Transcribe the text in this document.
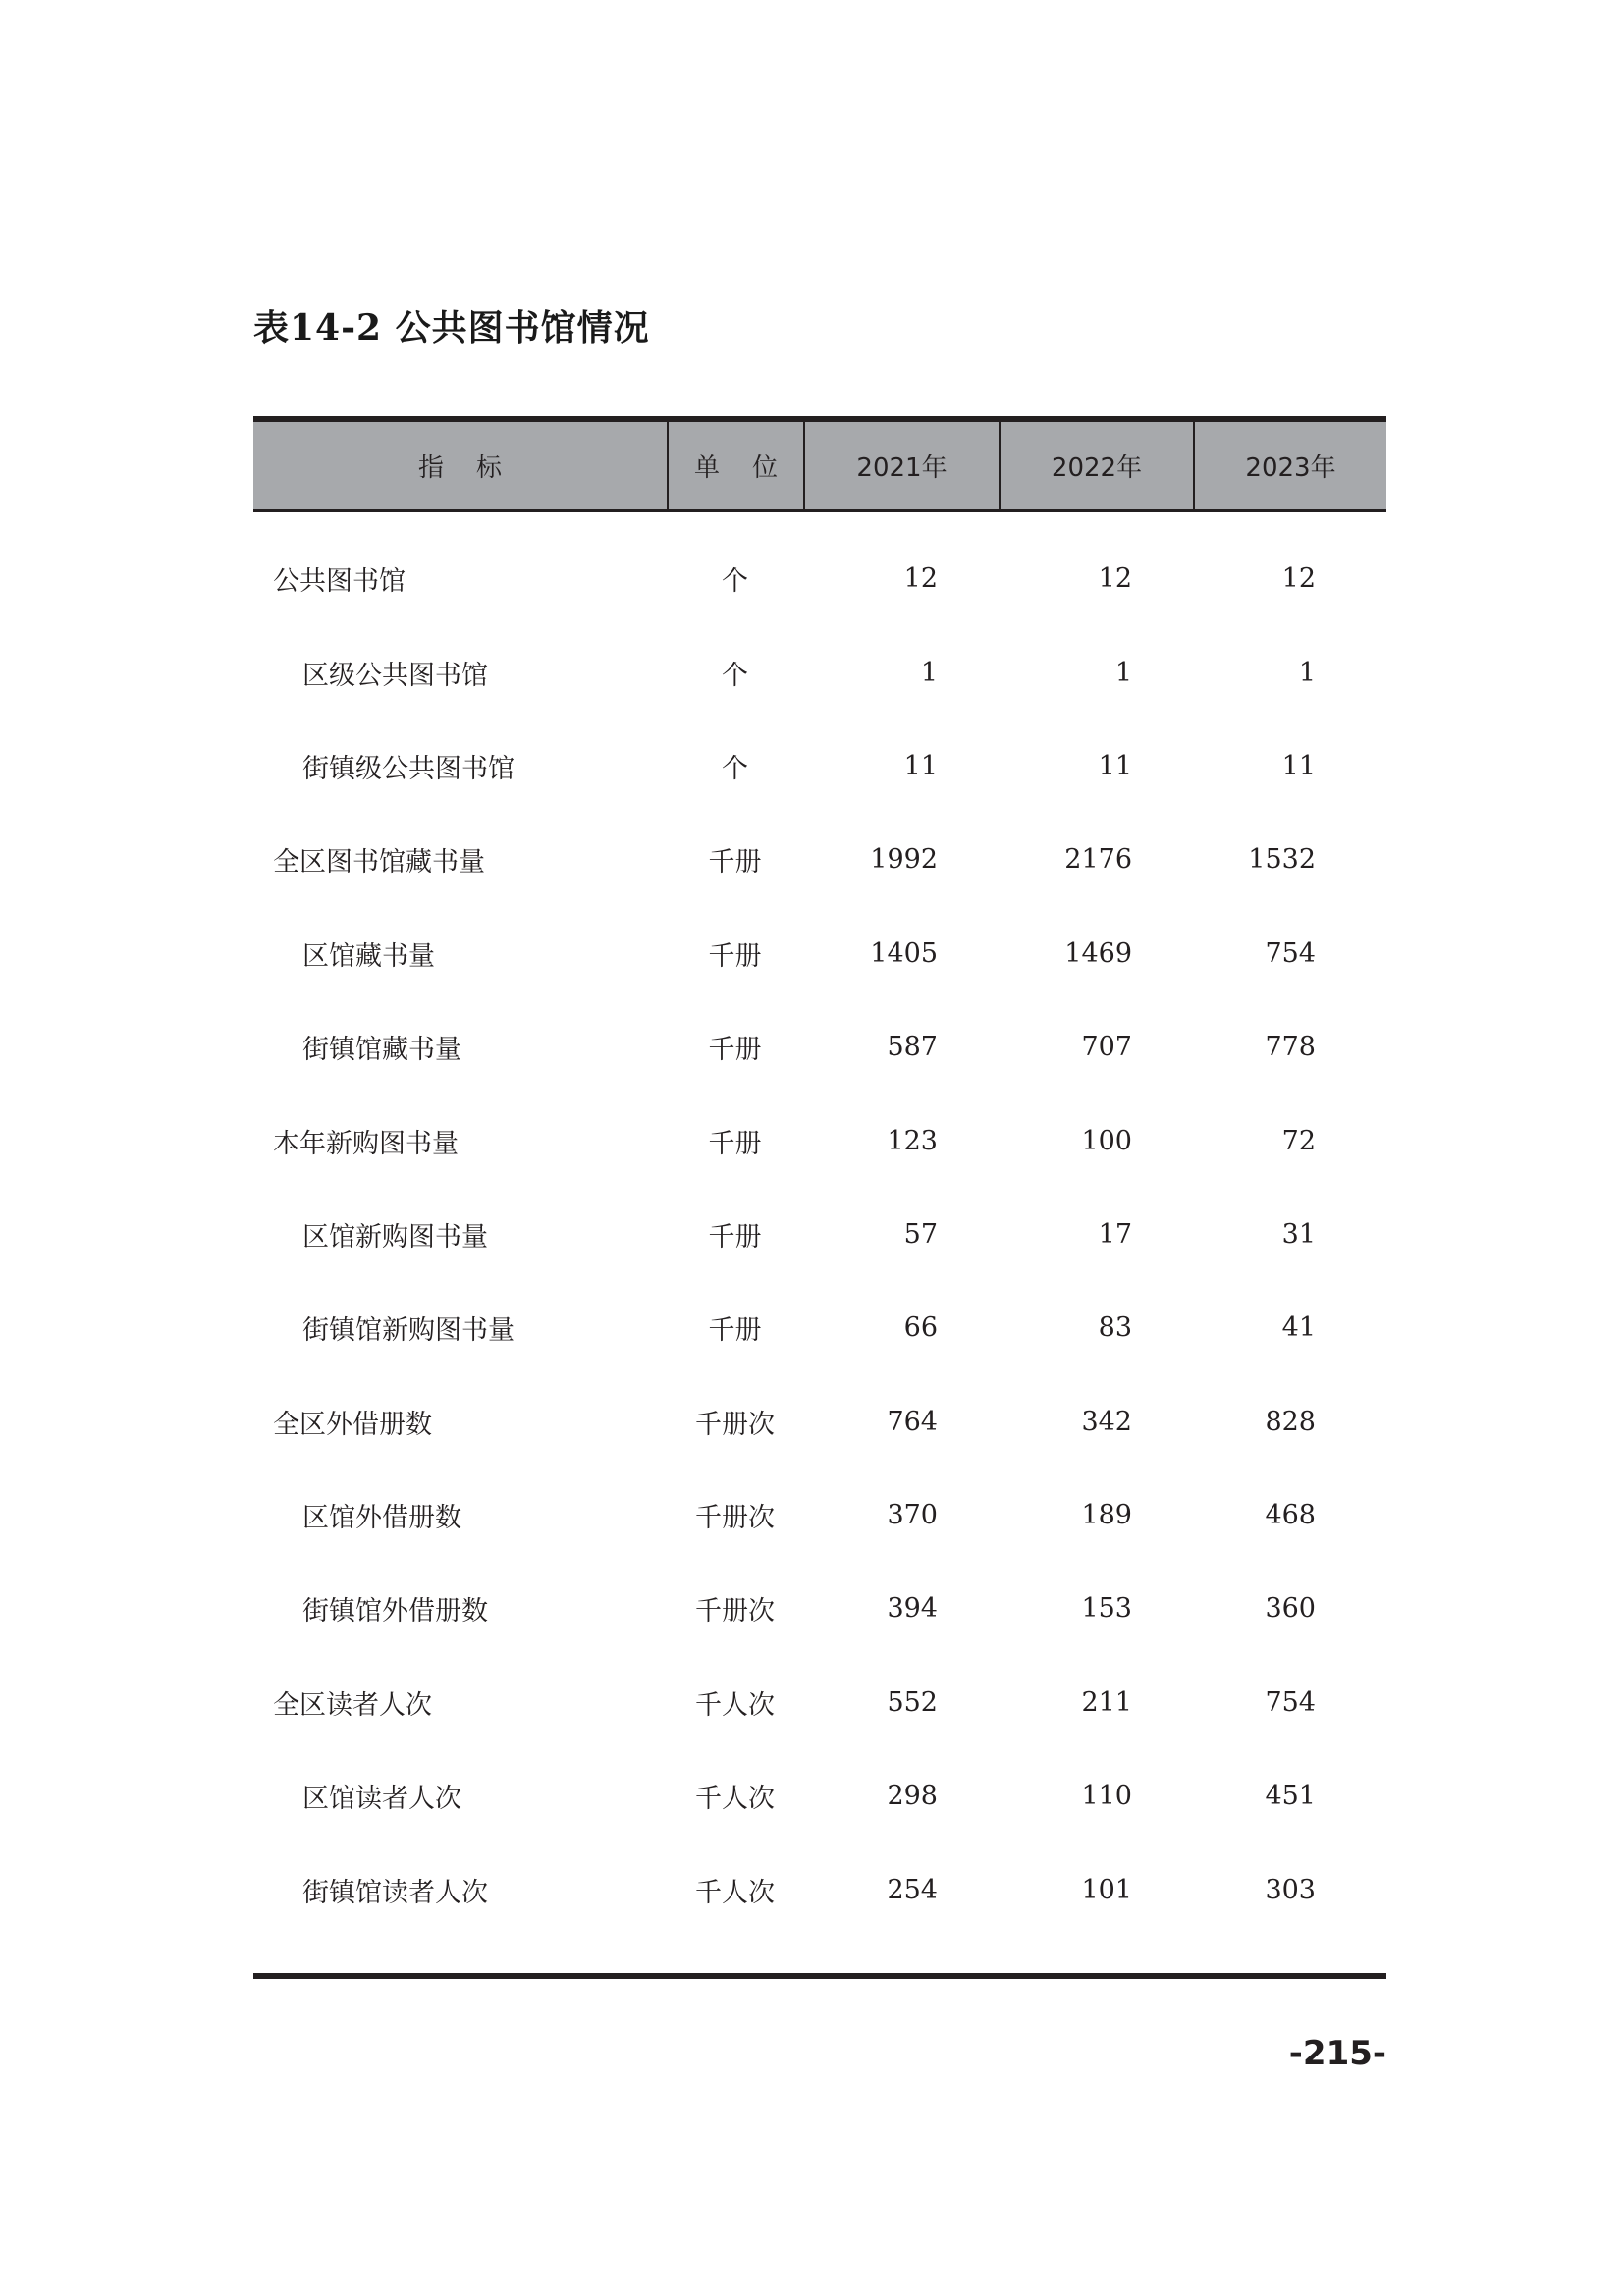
表14-2 公共图书馆情况
指    标	单    位	2021年	2022年	2023年
公共图书馆	个	12	12	12
区级公共图书馆	个	1	1	1
街镇级公共图书馆	个	11	11	11
全区图书馆藏书量	千册	1992	2176	1532
区馆藏书量	千册	1405	1469	754
街镇馆藏书量	千册	587	707	778
本年新购图书量	千册	123	100	72
区馆新购图书量	千册	57	17	31
街镇馆新购图书量	千册	66	83	41
全区外借册数	千册次	764	342	828
区馆外借册数	千册次	370	189	468
街镇馆外借册数	千册次	394	153	360
全区读者人次	千人次	552	211	754
区馆读者人次	千人次	298	110	451
街镇馆读者人次	千人次	254	101	303
-215-
